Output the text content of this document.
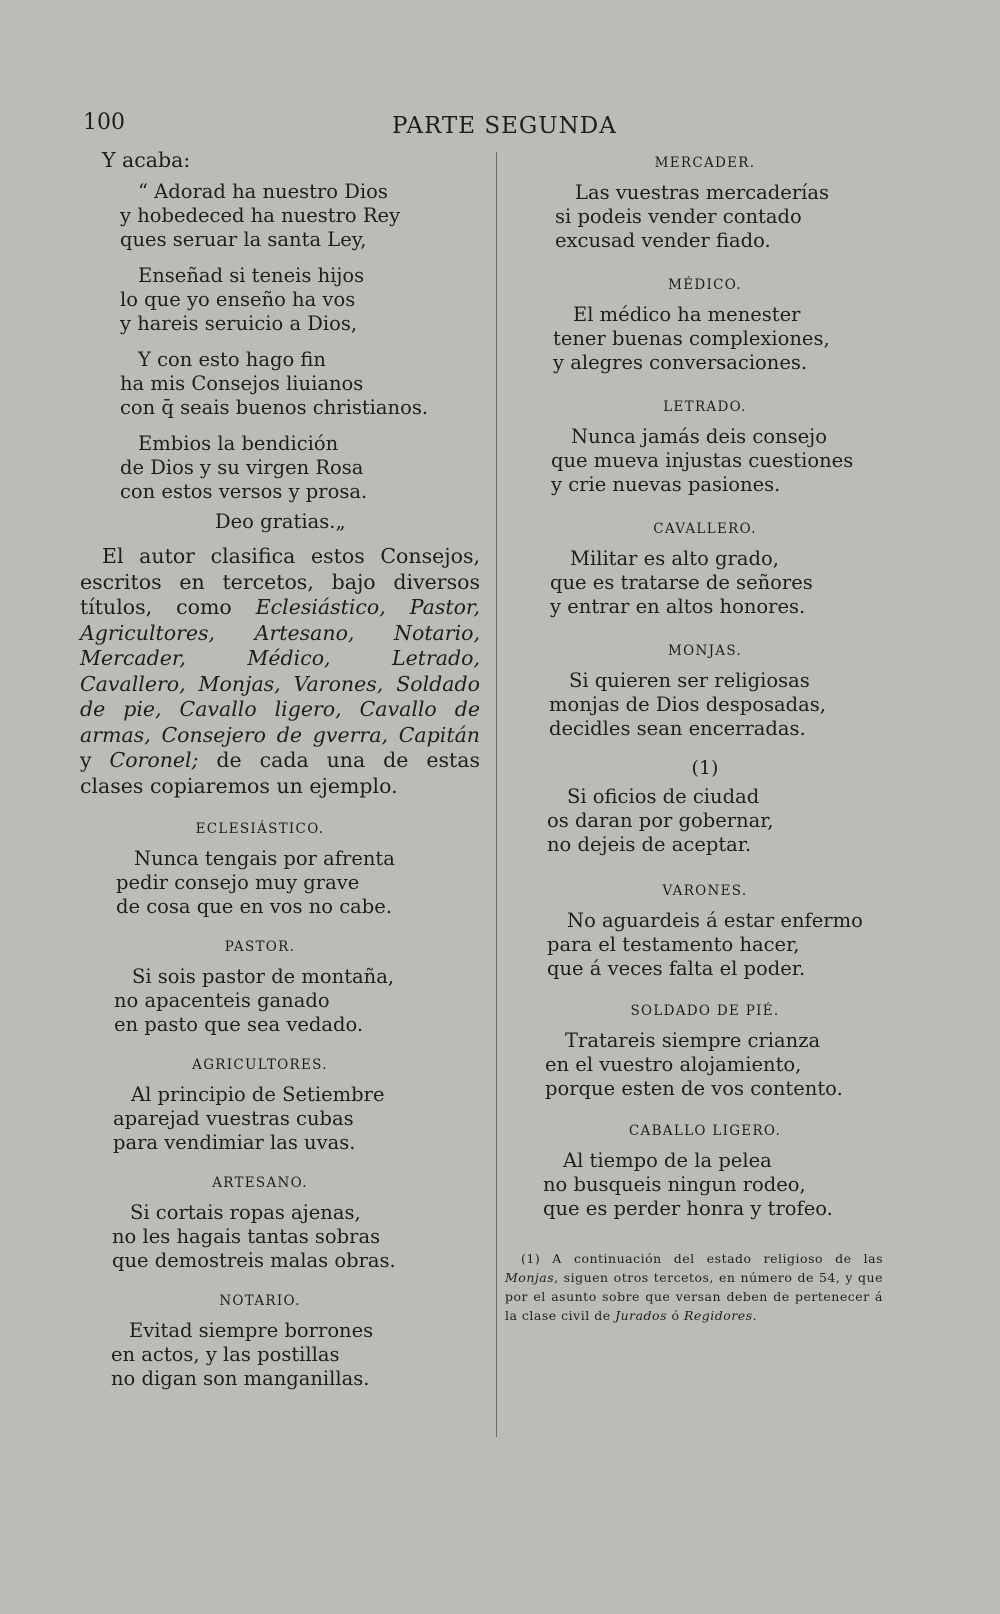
100	PARTE SEGUNDA
Y acaba:
“ Adorad ha nuestro Dios
y hobedeced ha nuestro Rey
ques seruar la santa Ley,
Enseñad si teneis hijos
lo que yo enseño ha vos
y hareis seruicio a Dios,
Y con esto hago fin
ha mis Consejos liuianos
con q̄ seais buenos christianos.
Embios la bendición
de Dios y su virgen Rosa
con estos versos y prosa.
Deo gratias.„
El autor clasifica estos Consejos, escritos en tercetos, bajo diversos títulos, como Eclesiástico, Pastor, Agricultores, Artesano, Notario, Mercader, Médico, Letrado, Cavallero, Monjas, Varones, Soldado de pie, Cavallo ligero, Cavallo de armas, Consejero de gverra, Capitán y Coronel; de cada una de estas clases copiaremos un ejemplo.
ECLESIÁSTICO.
Nunca tengais por afrenta
pedir consejo muy grave
de cosa que en vos no cabe.
PASTOR.
Si sois pastor de montaña,
no apacenteis ganado
en pasto que sea vedado.
AGRICULTORES.
Al principio de Setiembre
aparejad vuestras cubas
para vendimiar las uvas.
ARTESANO.
Si cortais ropas ajenas,
no les hagais tantas sobras
que demostreis malas obras.
NOTARIO.
Evitad siempre borrones
en actos, y las postillas
no digan son manganillas.
MERCADER.
Las vuestras mercaderías
si podeis vender contado
excusad vender fiado.
MÉDICO.
El médico ha menester
tener buenas complexiones,
y alegres conversaciones.
LETRADO.
Nunca jamás deis consejo
que mueva injustas cuestiones
y crie nuevas pasiones.
CAVALLERO.
Militar es alto grado,
que es tratarse de señores
y entrar en altos honores.
MONJAS.
Si quieren ser religiosas
monjas de Dios desposadas,
decidles sean encerradas.
(1)
Si oficios de ciudad
os daran por gobernar,
no dejeis de aceptar.
VARONES.
No aguardeis á estar enfermo
para el testamento hacer,
que á veces falta el poder.
SOLDADO DE PIÉ.
Tratareis siempre crianza
en el vuestro alojamiento,
porque esten de vos contento.
CABALLO LIGERO.
Al tiempo de la pelea
no busqueis ningun rodeo,
que es perder honra y trofeo.
(1) A continuación del estado religioso de las Monjas, siguen otros tercetos, en número de 54, y que por el asunto sobre que versan deben de pertenecer á la clase civil de Jurados ó Regidores.
